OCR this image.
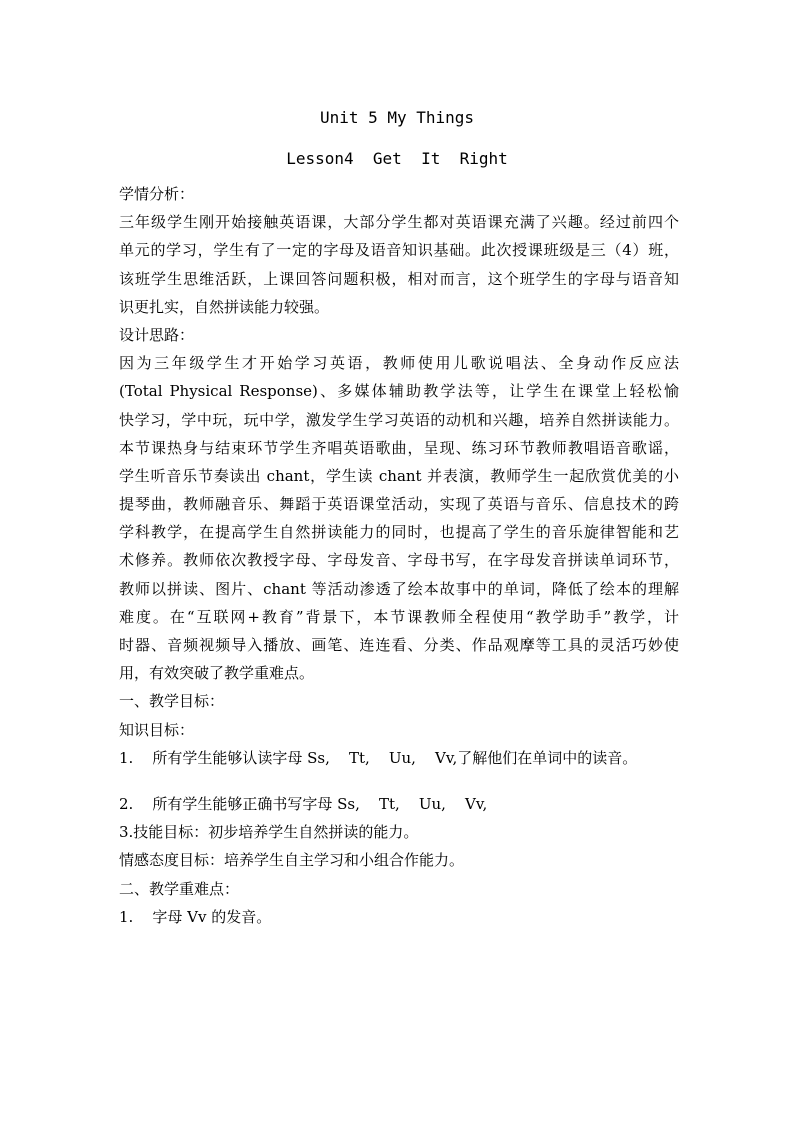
Unit 5 My Things
Lesson4  Get  It  Right
学情分析：
三年级学生刚开始接触英语课，大部分学生都对英语课充满了兴趣。经过前四个
单元的学习，学生有了一定的字母及语音知识基础。此次授课班级是三（4）班，
该班学生思维活跃，上课回答问题积极，相对而言，这个班学生的字母与语音知
识更扎实，自然拼读能力较强。
设计思路：
因为三年级学生才开始学习英语，教师使用儿歌说唱法、全身动作反应法
(Total Physical Response)、多媒体辅助教学法等，让学生在课堂上轻松愉
快学习，学中玩，玩中学，激发学生学习英语的动机和兴趣，培养自然拼读能力。
本节课热身与结束环节学生齐唱英语歌曲，呈现、练习环节教师教唱语音歌谣，
学生听音乐节奏读出 chant，学生读 chant 并表演，教师学生一起欣赏优美的小
提琴曲，教师融音乐、舞蹈于英语课堂活动，实现了英语与音乐、信息技术的跨
学科教学，在提高学生自然拼读能力的同时，也提高了学生的音乐旋律智能和艺
术修养。教师依次教授字母、字母发音、字母书写，在字母发音拼读单词环节，
教师以拼读、图片、chant 等活动渗透了绘本故事中的单词，降低了绘本的理解
难度。在“互联网+教育”背景下，本节课教师全程使用“教学助手”教学，计
时器、音频视频导入播放、画笔、连连看、分类、作品观摩等工具的灵活巧妙使
用，有效突破了教学重难点。
一、教学目标：
知识目标：
1.    所有学生能够认读字母 Ss,    Tt,    Uu,    Vv,了解他们在单词中的读音。
2.    所有学生能够正确书写字母 Ss,    Tt,    Uu,    Vv,
3.技能目标：初步培养学生自然拼读的能力。
情感态度目标：培养学生自主学习和小组合作能力。
二、教学重难点：
1.    字母 Vv 的发音。
